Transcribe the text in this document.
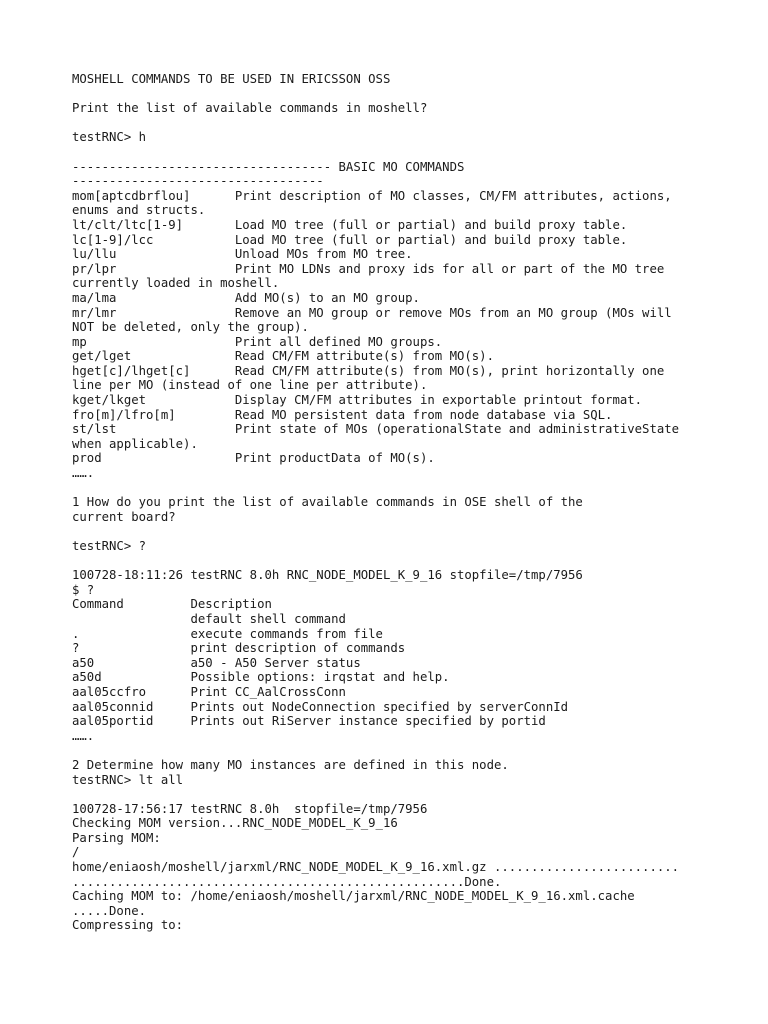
MOSHELL COMMANDS TO BE USED IN ERICSSON OSS
Print the list of available commands in moshell?
testRNC> h
----------------------------------- BASIC MO COMMANDS
----------------------------------
mom[aptcdbrflou]      Print description of MO classes, CM/FM attributes, actions,
enums and structs.
lt/clt/ltc[1-9]       Load MO tree (full or partial) and build proxy table.
lc[1-9]/lcc           Load MO tree (full or partial) and build proxy table.
lu/llu                Unload MOs from MO tree.
pr/lpr                Print MO LDNs and proxy ids for all or part of the MO tree
currently loaded in moshell.
ma/lma                Add MO(s) to an MO group.
mr/lmr                Remove an MO group or remove MOs from an MO group (MOs will
NOT be deleted, only the group).
mp                    Print all defined MO groups.
get/lget              Read CM/FM attribute(s) from MO(s).
hget[c]/lhget[c]      Read CM/FM attribute(s) from MO(s), print horizontally one
line per MO (instead of one line per attribute).
kget/lkget            Display CM/FM attributes in exportable printout format.
fro[m]/lfro[m]        Read MO persistent data from node database via SQL.
st/lst                Print state of MOs (operationalState and administrativeState
when applicable).
prod                  Print productData of MO(s).
…….
1 How do you print the list of available commands in OSE shell of the
current board?
testRNC> ?
100728-18:11:26 testRNC 8.0h RNC_NODE_MODEL_K_9_16 stopfile=/tmp/7956
$ ?
Command         Description
default shell command
.               execute commands from file
?               print description of commands
a50             a50 - A50 Server status
a50d            Possible options: irqstat and help.
aal05ccfro      Print CC_AalCrossConn
aal05connid     Prints out NodeConnection specified by serverConnId
aal05portid     Prints out RiServer instance specified by portid
…….
2 Determine how many MO instances are defined in this node.
testRNC> lt all
100728-17:56:17 testRNC 8.0h  stopfile=/tmp/7956
Checking MOM version...RNC_NODE_MODEL_K_9_16
Parsing MOM:
/
home/eniaosh/moshell/jarxml/RNC_NODE_MODEL_K_9_16.xml.gz .........................
.....................................................Done.
Caching MOM to: /home/eniaosh/moshell/jarxml/RNC_NODE_MODEL_K_9_16.xml.cache
.....Done.
Compressing to:
